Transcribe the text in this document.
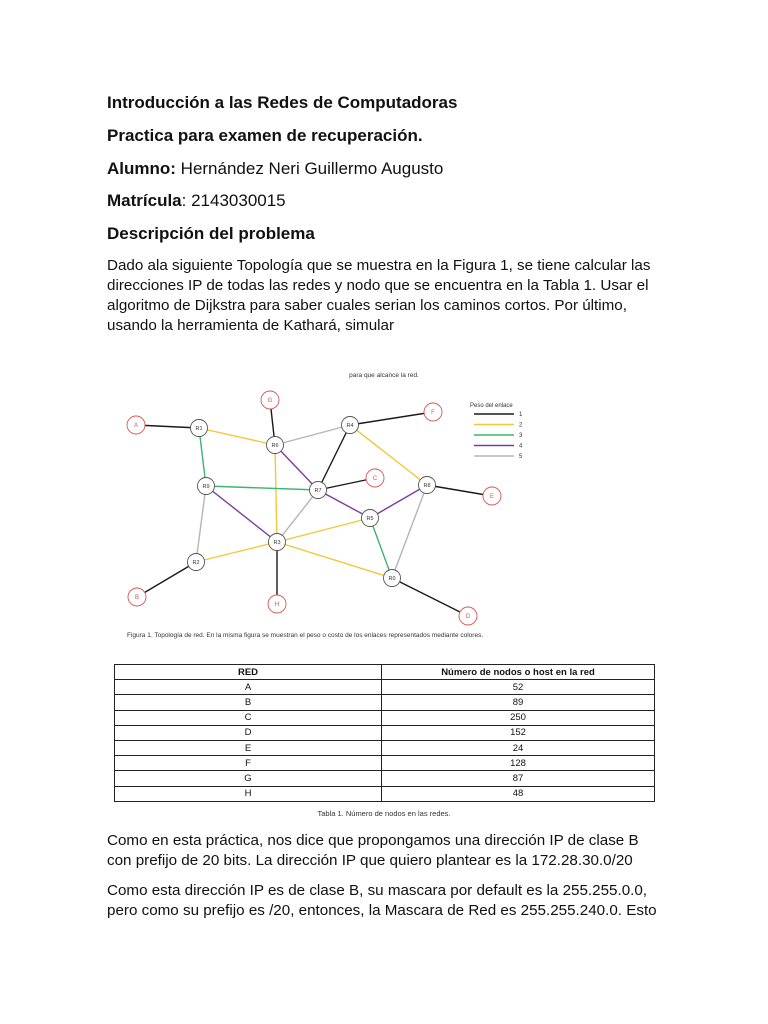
Introducción a las Redes de Computadoras
Practica para examen de recuperación.
Alumno: Hernández Neri Guillermo Augusto
Matrícula: 2143030015
Descripción del problema

Dado ala siguiente Topología que se muestra en la Figura 1, se tiene calcular las direcciones IP de todas las redes y nodo que se encuentra en la Tabla 1. Usar el algoritmo de Dijkstra para saber cuales serian los caminos cortos. Por último, usando la herramienta de Kathará, simular

para que alcance la red.
R1
R6
R4
R9
R7
R8
R5
R3
R2
R0
A
G
F
C
E
B
H
D
Peso del enlace
1
2
3
4
5
Figura 1. Topología de red. En la misma figura se muestran el peso o costo de los enlaces representados mediante colores.
RED	Número de nodos o host en la red
A	52
B	89
C	250
D	152
E	24
F	128
G	87
H	48
Tabla 1. Número de nodos en las redes.

Como en esta práctica, nos dice que propongamos una dirección IP de clase B con prefijo de 20 bits. La dirección IP que quiero plantear es la 172.28.30.0/20

Como esta dirección IP es de clase B, su mascara por default es la 255.255.0.0, pero como su prefijo es /20, entonces, la Mascara de Red es 255.255.240.0. Esto
